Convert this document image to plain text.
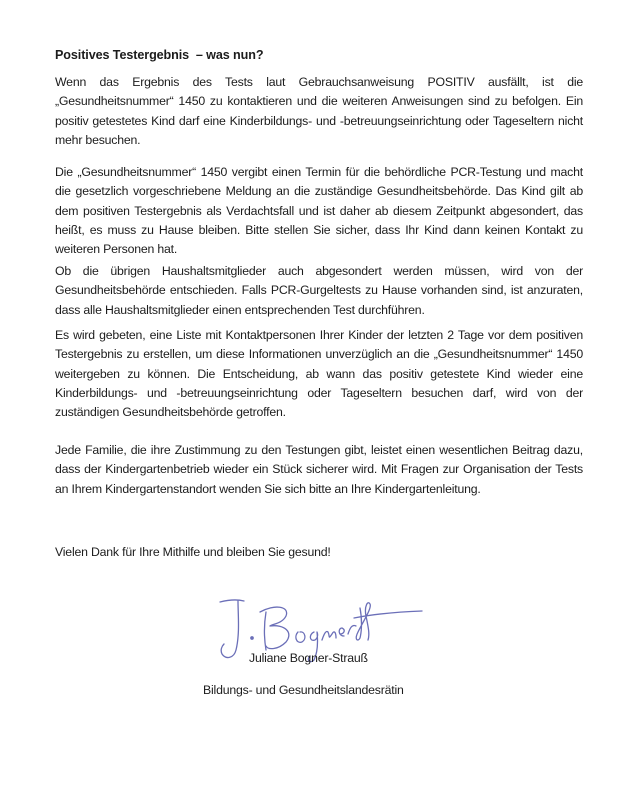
Positives Testergebnis  – was nun?

Wenn das Ergebnis des Tests laut Gebrauchsanweisung POSITIV ausfällt, ist die „Gesundheitsnummer“ 1450 zu kontaktieren und die weiteren Anweisungen sind zu befolgen. Ein positiv getestetes Kind darf eine Kinderbildungs- und -betreuungseinrichtung oder Tageseltern nicht mehr besuchen.

Die „Gesundheitsnummer“ 1450 vergibt einen Termin für die behördliche PCR-Testung und macht die gesetzlich vorgeschriebene Meldung an die zuständige Gesundheitsbehörde. Das Kind gilt ab dem positiven Testergebnis als Verdachtsfall und ist daher ab diesem Zeitpunkt abgesondert, das heißt, es muss zu Hause bleiben. Bitte stellen Sie sicher, dass Ihr Kind dann keinen Kontakt zu weiteren Personen hat.

Ob die übrigen Haushaltsmitglieder auch abgesondert werden müssen, wird von der Gesundheitsbehörde entschieden. Falls PCR-Gurgeltests zu Hause vorhanden sind, ist anzuraten, dass alle Haushaltsmitglieder einen entsprechenden Test durchführen.

Es wird gebeten, eine Liste mit Kontaktpersonen Ihrer Kinder der letzten 2 Tage vor dem positiven Testergebnis zu erstellen, um diese Informationen unverzüglich an die „Gesundheitsnummer“ 1450 weitergeben zu können. Die Entscheidung, ab wann das positiv getestete Kind wieder eine Kinderbildungs- und -betreuungseinrichtung oder Tageseltern besuchen darf, wird von der zuständigen Gesundheitsbehörde getroffen.

Jede Familie, die ihre Zustimmung zu den Testungen gibt, leistet einen wesentlichen Beitrag dazu, dass der Kindergartenbetrieb wieder ein Stück sicherer wird. Mit Fragen zur Organisation der Tests an Ihrem Kindergartenstandort wenden Sie sich bitte an Ihre Kindergartenleitung.

Vielen Dank für Ihre Mithilfe und bleiben Sie gesund!
Juliane Bogner-Strauß
Bildungs- und Gesundheitslandesrätin
